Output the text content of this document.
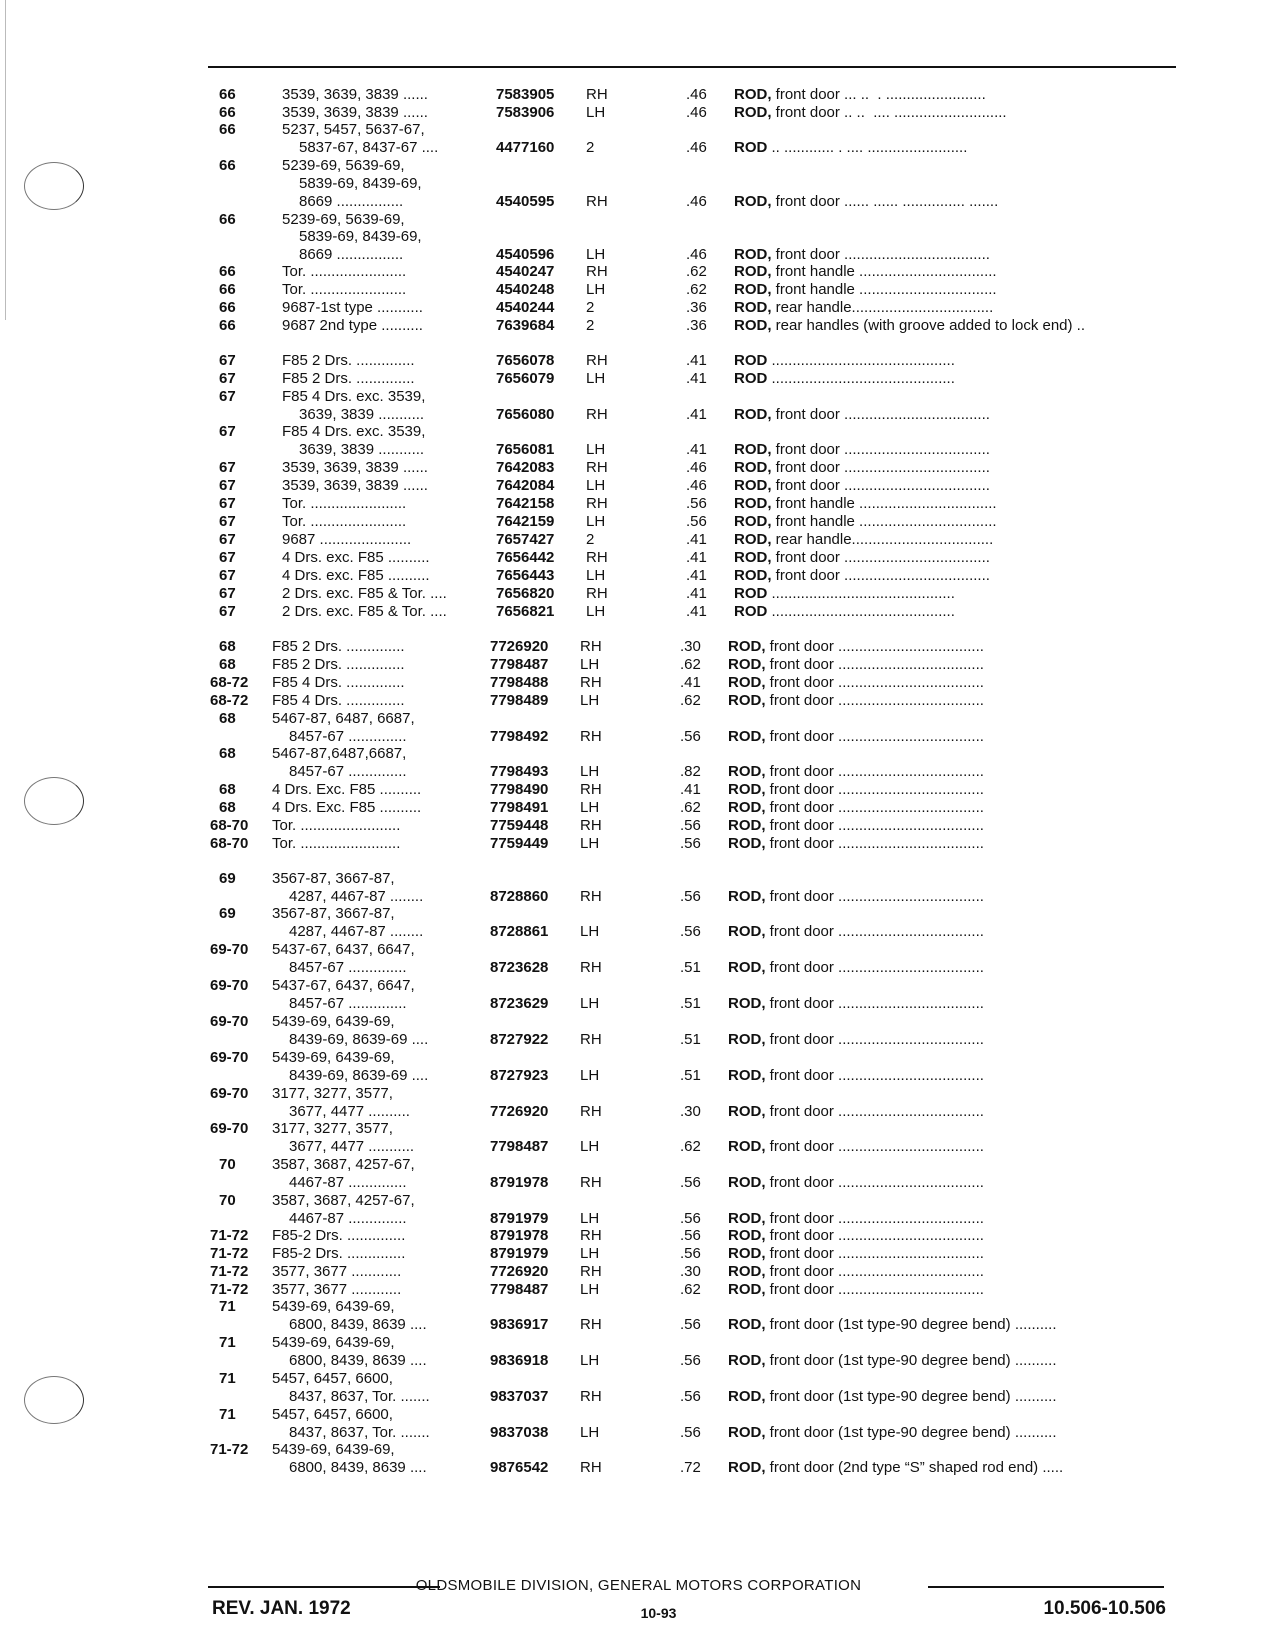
66	3539, 3639, 3839 ......	7583905 RH	.46 ROD, front door ... ..  . ........................
66	3539, 3639, 3839 ......	7583906 LH	.46 ROD, front door .. ..  .... ...........................
66	5237, 5457, 5637-67,
5837-67, 8437-67 ....	4477160 2	.46 ROD .. ............ . .... ........................
66	5239-69, 5639-69,
5839-69, 8439-69,
8669 ................	4540595 RH	.46 ROD, front door ...... ...... ............... .......
66	5239-69, 5639-69,
5839-69, 8439-69,
8669 ................	4540596 LH	.46 ROD, front door ...................................
66	Tor. .......................	4540247 RH	.62 ROD, front handle .................................
66	Tor. .......................	4540248 LH	.62 ROD, front handle .................................
66	9687-1st type ...........	4540244 2	.36 ROD, rear handle..................................
66	9687 2nd type ..........	7639684 2	.36 ROD, rear handles (with groove added to lock end) ..
67	F85 2 Drs. ..............	7656078 RH	.41 ROD ............................................
67	F85 2 Drs. ..............	7656079 LH	.41 ROD ............................................
67	F85 4 Drs. exc. 3539,
3639, 3839 ...........	7656080 RH	.41 ROD, front door ...................................
67	F85 4 Drs. exc. 3539,
3639, 3839 ...........	7656081 LH	.41 ROD, front door ...................................
67	3539, 3639, 3839 ......	7642083 RH	.46 ROD, front door ...................................
67	3539, 3639, 3839 ......	7642084 LH	.46 ROD, front door ...................................
67	Tor. .......................	7642158 RH	.56 ROD, front handle .................................
67	Tor. .......................	7642159 LH	.56 ROD, front handle .................................
67	9687 ......................	7657427 2	.41 ROD, rear handle..................................
67	4 Drs. exc. F85 ..........	7656442 RH	.41 ROD, front door ...................................
67	4 Drs. exc. F85 ..........	7656443 LH	.41 ROD, front door ...................................
67	2 Drs. exc. F85 & Tor. ....	7656820 RH	.41 ROD ............................................
67	2 Drs. exc. F85 & Tor. ....	7656821 LH	.41 ROD ............................................
68 F85 2 Drs. ..............	7726920 RH	.30 ROD, front door ...................................
68 F85 2 Drs. ..............	7798487 LH	.62 ROD, front door ...................................
68-72 F85 4 Drs. ..............	7798488 RH	.41 ROD, front door ...................................
68-72 F85 4 Drs. ..............	7798489 LH	.62 ROD, front door ...................................
68 5467-87, 6487, 6687,
8457-67 ..............	7798492 RH	.56 ROD, front door ...................................
68 5467-87,6487,6687,
8457-67 ..............	7798493 LH	.82 ROD, front door ...................................
68 4 Drs. Exc. F85 ..........	7798490 RH	.41 ROD, front door ...................................
68 4 Drs. Exc. F85 ..........	7798491 LH	.62 ROD, front door ...................................
68-70 Tor. ........................	7759448 RH	.56 ROD, front door ...................................
68-70 Tor. ........................	7759449 LH	.56 ROD, front door ...................................
69 3567-87, 3667-87,
4287, 4467-87 ........	8728860 RH	.56 ROD, front door ...................................
69 3567-87, 3667-87,
4287, 4467-87 ........	8728861 LH	.56 ROD, front door ...................................
69-70 5437-67, 6437, 6647,
8457-67 ..............	8723628 RH	.51 ROD, front door ...................................
69-70 5437-67, 6437, 6647,
8457-67 ..............	8723629 LH	.51 ROD, front door ...................................
69-70 5439-69, 6439-69,
8439-69, 8639-69 ....	8727922 RH	.51 ROD, front door ...................................
69-70 5439-69, 6439-69,
8439-69, 8639-69 ....	8727923 LH	.51 ROD, front door ...................................
69-70 3177, 3277, 3577,
3677, 4477 ..........	7726920 RH	.30 ROD, front door ...................................
69-70 3177, 3277, 3577,
3677, 4477 ...........	7798487 LH	.62 ROD, front door ...................................
70 3587, 3687, 4257-67,
4467-87 ..............	8791978 RH	.56 ROD, front door ...................................
70 3587, 3687, 4257-67,
4467-87 ..............	8791979 LH	.56 ROD, front door ...................................
71-72 F85-2 Drs. ..............	8791978 RH	.56 ROD, front door ...................................
71-72 F85-2 Drs. ..............	8791979 LH	.56 ROD, front door ...................................
71-72 3577, 3677 ............	7726920 RH	.30 ROD, front door ...................................
71-72 3577, 3677 ............	7798487 LH	.62 ROD, front door ...................................
71 5439-69, 6439-69,
6800, 8439, 8639 ....	9836917 RH	.56 ROD, front door (1st type-90 degree bend) ..........
71 5439-69, 6439-69,
6800, 8439, 8639 ....	9836918 LH	.56 ROD, front door (1st type-90 degree bend) ..........
71 5457, 6457, 6600,
8437, 8637, Tor. .......	9837037 RH	.56 ROD, front door (1st type-90 degree bend) ..........
71 5457, 6457, 6600,
8437, 8637, Tor. .......	9837038 LH	.56 ROD, front door (1st type-90 degree bend) ..........
71-72 5439-69, 6439-69,
6800, 8439, 8639 ....	9876542 RH	.72 ROD, front door (2nd type “S” shaped rod end) .....
OLDSMOBILE DIVISION, GENERAL MOTORS CORPORATION
REV. JAN. 1972	10-93	10.506-10.506
